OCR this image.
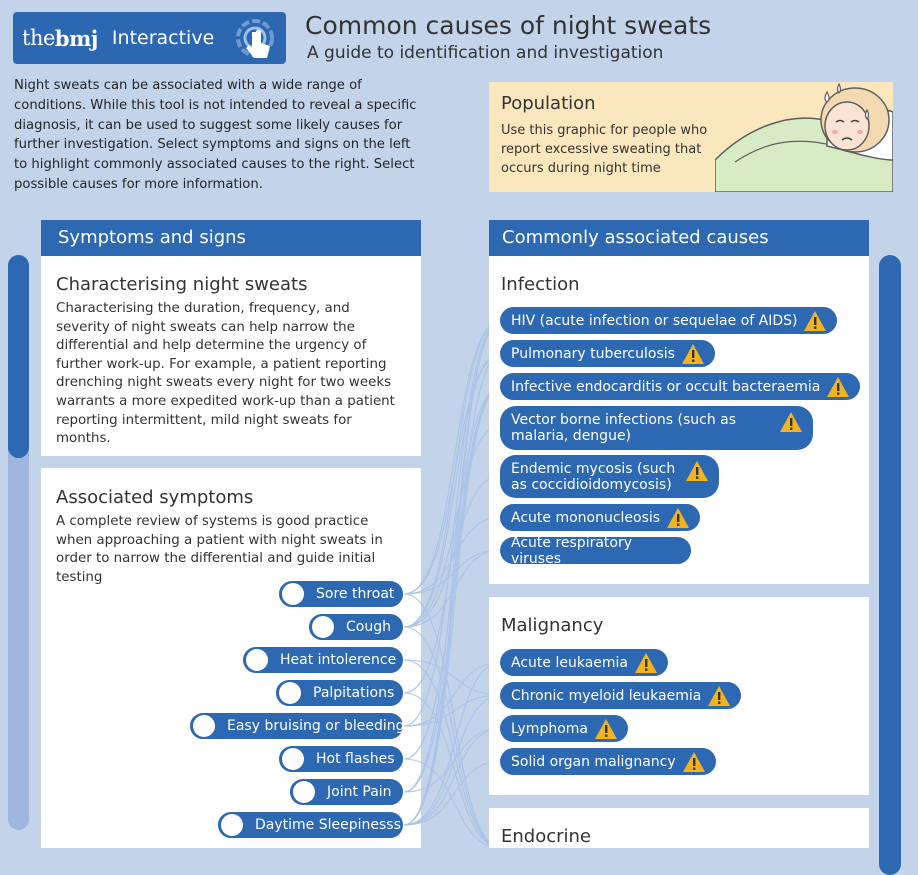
the bmj Interactive	Common causes of night sweats
A guide to identification and investigation
Night sweats can be associated with a wide range of conditions. While this tool is not intended to reveal a specific diagnosis, it can be used to suggest some likely causes for further investigation. Select symptoms and signs on the left to highlight commonly associated causes to the right. Select possible causes for more information.
Population
Use this graphic for people who report excessive sweating that occurs during night time
Symptoms and signs
Characterising night sweats
Characterising the duration, frequency, and severity of night sweats can help narrow the differential and help determine the urgency of further work-up. For example, a patient reporting drenching night sweats every night for two weeks warrants a more expedited work-up than a patient reporting intermittent, mild night sweats for months.
Associated symptoms
A complete review of systems is good practice when approaching a patient with night sweats in order to narrow the differential and guide initial testing
Sore throat
Cough
Heat intolerence
Palpitations
Easy bruising or bleeding
Hot flashes
Joint Pain
Daytime Sleepinesss
Commonly associated causes
Infection
Malignancy
Endocrine
HIV (acute infection or sequelae of AIDS)
Pulmonary tuberculosis
Infective endocarditis or occult bacteraemia
Vector borne infections (such as malaria, dengue)
Endemic mycosis (such as coccidioidomycosis)
Acute mononucleosis
Acute respiratory viruses
Acute leukaemia
Chronic myeloid leukaemia
Lymphoma
Solid organ malignancy
